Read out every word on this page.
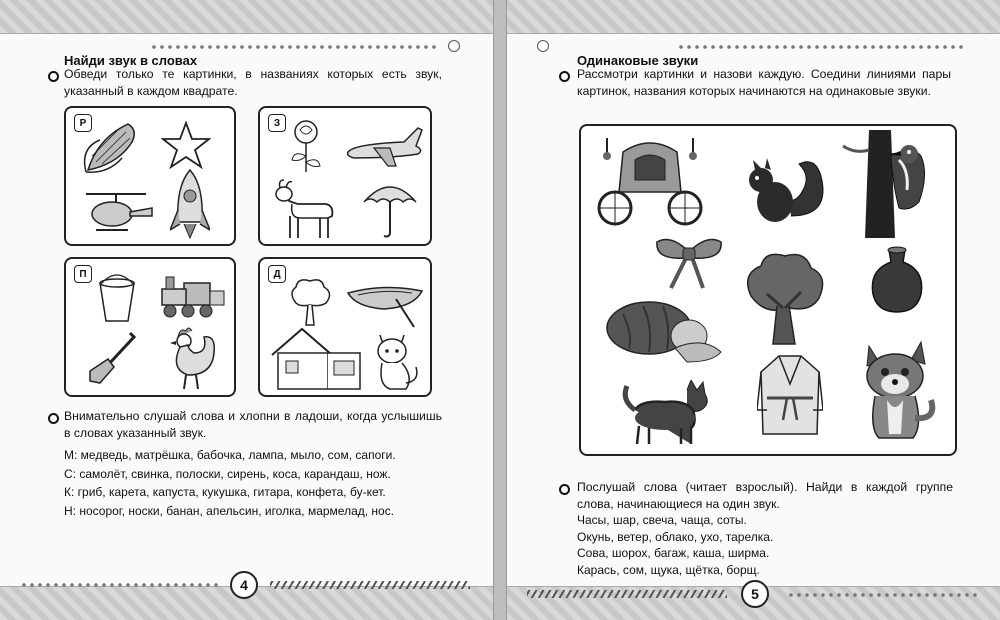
Найди звук в словах
Обведи только те картинки, в названиях которых есть звук, указанный в каждом квадрате.
Р	З
П	Д
Внимательно слушай слова и хлопни в ладоши, когда услышишь в словах указанный звук.
М: медведь, матрёшка, бабочка, лампа, мыло, сом, сапоги.
С: самолёт, свинка, полоски, сирень, коса, карандаш, нож.
К: гриб, карета, капуста, кукушка, гитара, конфета, бу-кет.
Н: носорог, носки, банан, апельсин, иголка, мармелад, нос.
4
Одинаковые звуки
Рассмотри картинки и назови каждую. Соедини линиями пары картинок, названия которых начинаются на одинаковые звуки.
Послушай слова (читает взрослый). Найди в каждой группе слова, начинающиеся на один звук.
Часы, шар, свеча, чаща, соты.
Окунь, ветер, облако, ухо, тарелка.
Сова, шорох, багаж, каша, ширма.
Карась, сом, щука, щётка, борщ.
5
